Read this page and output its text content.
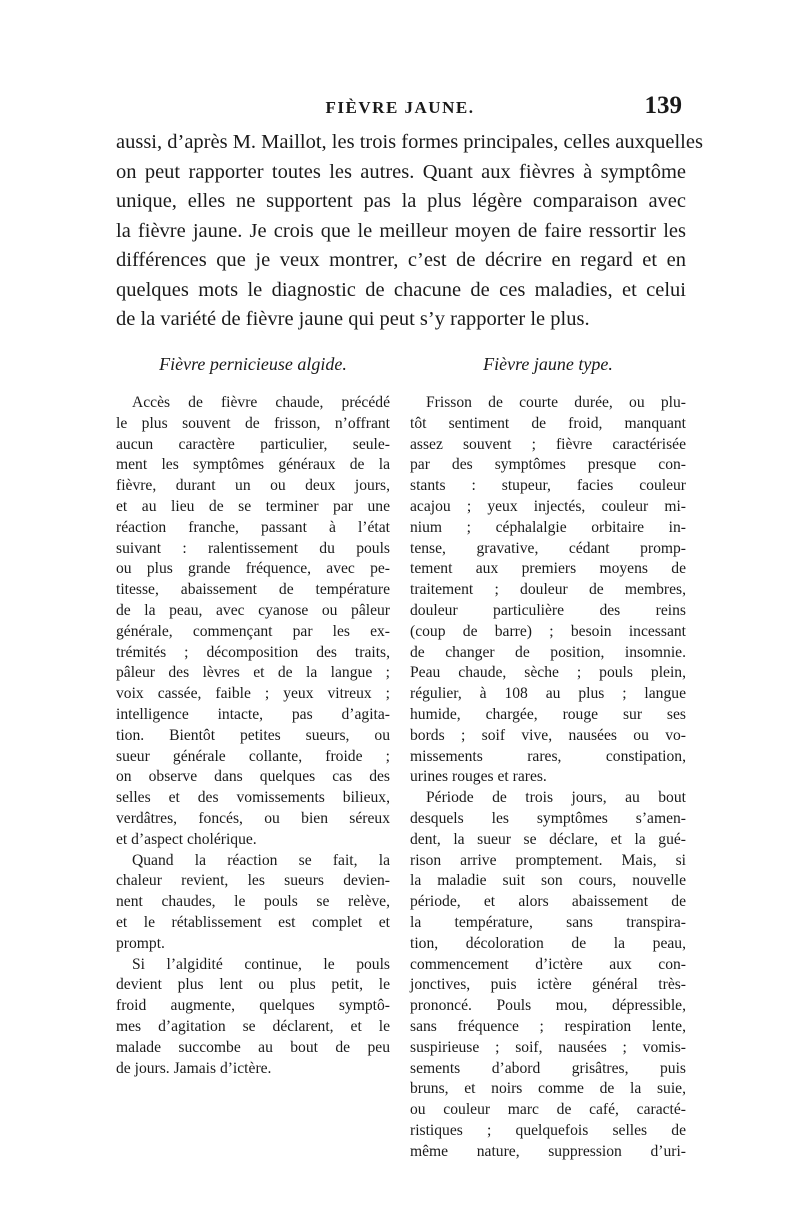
FIÈVRE JAUNE.	139
aussi, d’après M. Maillot, les trois formes principales, celles auxquelles
on peut rapporter toutes les autres. Quant aux fièvres à symptôme
unique, elles ne supportent pas la plus légère comparaison avec
la fièvre jaune. Je crois que le meilleur moyen de faire ressortir les
différences que je veux montrer, c’est de décrire en regard et en
quelques mots le diagnostic de chacune de ces maladies, et celui
de la variété de fièvre jaune qui peut s’y rapporter le plus.
Fièvre pernicieuse algide.

Accès de fièvre chaude, précédé
le plus souvent de frisson, n’offrant
aucun caractère particulier, seule-
ment les symptômes généraux de la
fièvre, durant un ou deux jours,
et au lieu de se terminer par une
réaction franche, passant à l’état
suivant : ralentissement du pouls
ou plus grande fréquence, avec pe-
titesse, abaissement de température
de la peau, avec cyanose ou pâleur
générale, commençant par les ex-
trémités ; décomposition des traits,
pâleur des lèvres et de la langue ;
voix cassée, faible ; yeux vitreux ;
intelligence intacte, pas d’agita-
tion. Bientôt petites sueurs, ou
sueur générale collante, froide ;
on observe dans quelques cas des
selles et des vomissements bilieux,
verdâtres, foncés, ou bien séreux
et d’aspect cholérique.

Quand la réaction se fait, la
chaleur revient, les sueurs devien-
nent chaudes, le pouls se relève,
et le rétablissement est complet et
prompt.

Si l’algidité continue, le pouls
devient plus lent ou plus petit, le
froid augmente, quelques symptô-
mes d’agitation se déclarent, et le
malade succombe au bout de peu
de jours. Jamais d’ictère.

Fièvre jaune type.

Frisson de courte durée, ou plu-
tôt sentiment de froid, manquant
assez souvent ; fièvre caractérisée
par des symptômes presque con-
stants : stupeur, facies couleur
acajou ; yeux injectés, couleur mi-
nium ; céphalalgie orbitaire in-
tense, gravative, cédant promp-
tement aux premiers moyens de
traitement ; douleur de membres,
douleur particulière des reins
(coup de barre) ; besoin incessant
de changer de position, insomnie.
Peau chaude, sèche ; pouls plein,
régulier, à 108 au plus ; langue
humide, chargée, rouge sur ses
bords ; soif vive, nausées ou vo-
missements rares, constipation,
urines rouges et rares.

Période de trois jours, au bout
desquels les symptômes s’amen-
dent, la sueur se déclare, et la gué-
rison arrive promptement. Mais, si
la maladie suit son cours, nouvelle
période, et alors abaissement de
la température, sans transpira-
tion, décoloration de la peau,
commencement d’ictère aux con-
jonctives, puis ictère général très-
prononcé. Pouls mou, dépressible,
sans fréquence ; respiration lente,
suspirieuse ; soif, nausées ; vomis-
sements d’abord grisâtres, puis
bruns, et noirs comme de la suie,
ou couleur marc de café, caracté-
ristiques ; quelquefois selles de
même nature, suppression d’uri-
